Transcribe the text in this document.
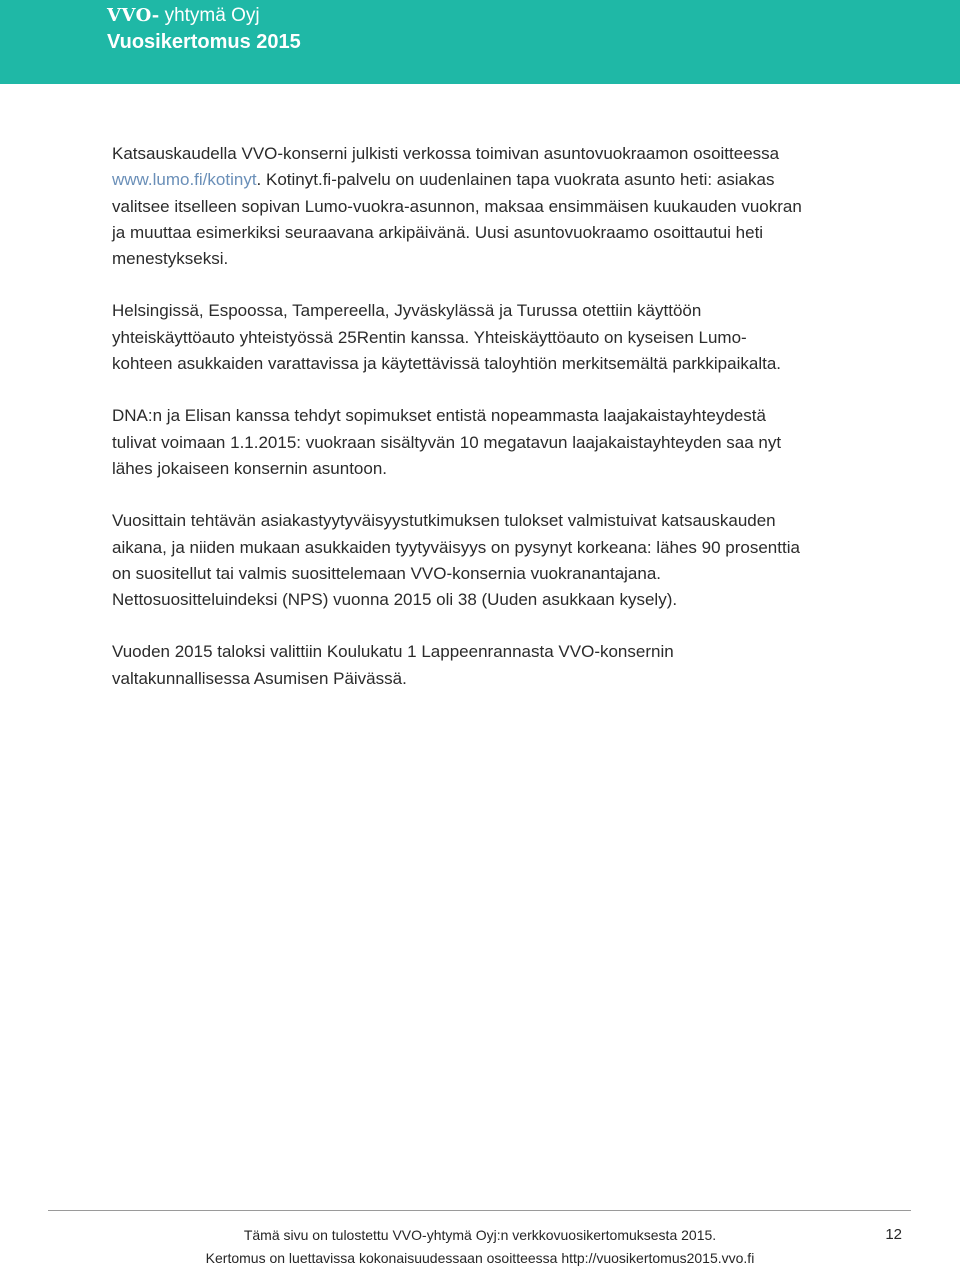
VVO- yhtymä Oyj
Vuosikertomus 2015

Katsauskaudella VVO-konserni julkisti verkossa toimivan asuntovuokraamon osoitteessa
www.lumo.fi/kotinyt. Kotinyt.fi-palvelu on uudenlainen tapa vuokrata asunto heti: asiakas
valitsee itselleen sopivan Lumo-vuokra-asunnon, maksaa ensimmäisen kuukauden vuokran
ja muuttaa esimerkiksi seuraavana arkipäivänä. Uusi asuntovuokraamo osoittautui heti
menestykseksi.

Helsingissä, Espoossa, Tampereella, Jyväskylässä ja Turussa otettiin käyttöön
yhteiskäyttöauto yhteistyössä 25Rentin kanssa. Yhteiskäyttöauto on kyseisen Lumo-
kohteen asukkaiden varattavissa ja käytettävissä taloyhtiön merkitsemältä parkkipaikalta.

DNA:n ja Elisan kanssa tehdyt sopimukset entistä nopeammasta laajakaistayhteydestä
tulivat voimaan 1.1.2015: vuokraan sisältyvän 10 megatavun laajakaistayhteyden saa nyt
lähes jokaiseen konsernin asuntoon.

Vuosittain tehtävän asiakastyytyväisyystutkimuksen tulokset valmistuivat katsauskauden
aikana, ja niiden mukaan asukkaiden tyytyväisyys on pysynyt korkeana: lähes 90 prosenttia
on suositellut tai valmis suosittelemaan VVO-konsernia vuokranantajana.
Nettosuositteluindeksi (NPS) vuonna 2015 oli 38 (Uuden asukkaan kysely).

Vuoden 2015 taloksi valittiin Koulukatu 1 Lappeenrannasta VVO-konsernin
valtakunnallisessa Asumisen Päivässä.

Tämä sivu on tulostettu VVO-yhtymä Oyj:n verkkovuosikertomuksesta 2015.
Kertomus on luettavissa kokonaisuudessaan osoitteessa http://vuosikertomus2015.vvo.fi
12
